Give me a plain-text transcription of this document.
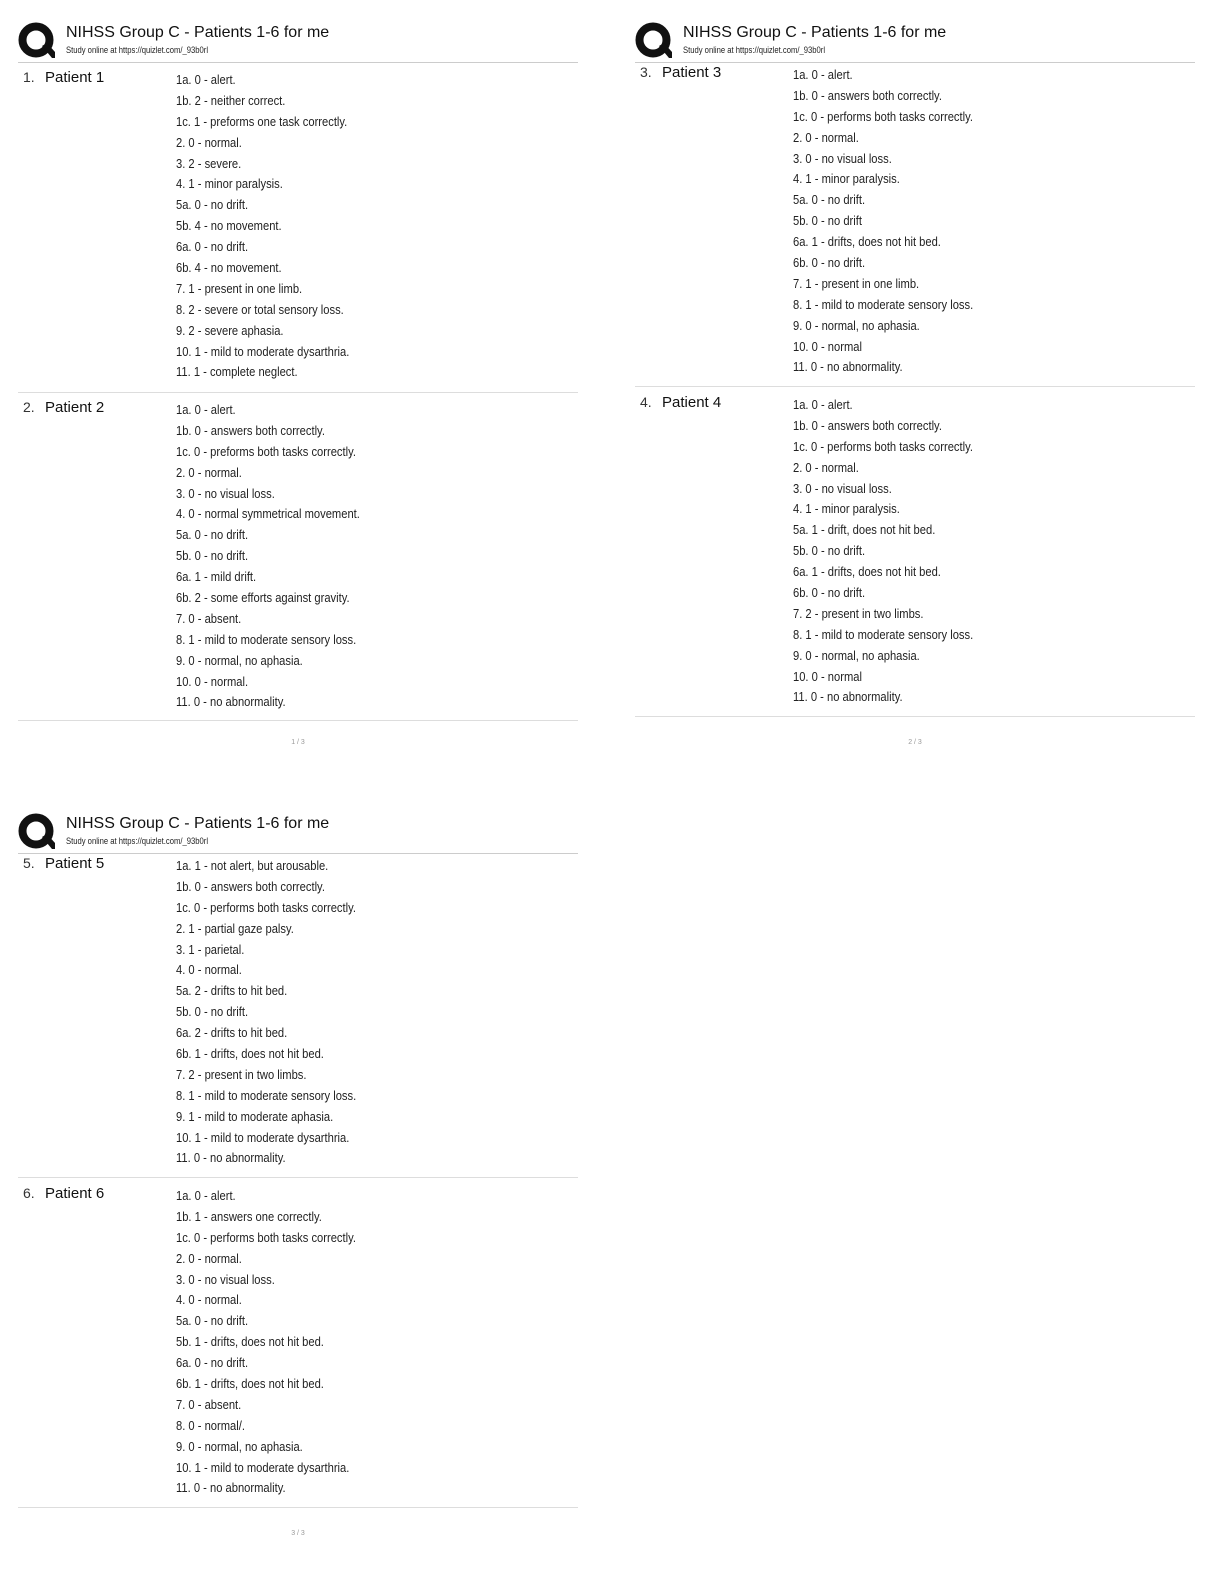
NIHSS Group C - Patients 1-6 for me
Study online at https://quizlet.com/_93b0rl
1. Patient 1	1a. 0 - alert.
1b. 2 - neither correct.
1c. 1 - preforms one task correctly.
2. 0 - normal.
3. 2 - severe.
4. 1 - minor paralysis.
5a. 0 - no drift.
5b. 4 - no movement.
6a. 0 - no drift.
6b. 4 - no movement.
7. 1 - present in one limb.
8. 2 - severe or total sensory loss.
9. 2 - severe aphasia.
10. 1 - mild to moderate dysarthria.
11. 1 - complete neglect.
2. Patient 2	1a. 0 - alert.
1b. 0 - answers both correctly.
1c. 0 - preforms both tasks correctly.
2. 0 - normal.
3. 0 - no visual loss.
4. 0 - normal symmetrical movement.
5a. 0 - no drift.
5b. 0 - no drift.
6a. 1 - mild drift.
6b. 2 - some efforts against gravity.
7. 0 - absent.
8. 1 - mild to moderate sensory loss.
9. 0 - normal, no aphasia.
10. 0 - normal.
11. 0 - no abnormality.
1 / 3
NIHSS Group C - Patients 1-6 for me
Study online at https://quizlet.com/_93b0rl
3. Patient 3	1a. 0 - alert.
1b. 0 - answers both correctly.
1c. 0 - performs both tasks correctly.
2. 0 - normal.
3. 0 - no visual loss.
4. 1 - minor paralysis.
5a. 0 - no drift.
5b. 0 - no drift
6a. 1 - drifts, does not hit bed.
6b. 0 - no drift.
7. 1 - present in one limb.
8. 1 - mild to moderate sensory loss.
9. 0 - normal, no aphasia.
10. 0 - normal
11. 0 - no abnormality.
4. Patient 4	1a. 0 - alert.
1b. 0 - answers both correctly.
1c. 0 - performs both tasks correctly.
2. 0 - normal.
3. 0 - no visual loss.
4. 1 - minor paralysis.
5a. 1 - drift, does not hit bed.
5b. 0 - no drift.
6a. 1 - drifts, does not hit bed.
6b. 0 - no drift.
7. 2 - present in two limbs.
8. 1 - mild to moderate sensory loss.
9. 0 - normal, no aphasia.
10. 0 - normal
11. 0 - no abnormality.
2 / 3
NIHSS Group C - Patients 1-6 for me
Study online at https://quizlet.com/_93b0rl
5. Patient 5	1a. 1 - not alert, but arousable.
1b. 0 - answers both correctly.
1c. 0 - performs both tasks correctly.
2. 1 - partial gaze palsy.
3. 1 - parietal.
4. 0 - normal.
5a. 2 - drifts to hit bed.
5b. 0 - no drift.
6a. 2 - drifts to hit bed.
6b. 1 - drifts, does not hit bed.
7. 2 - present in two limbs.
8. 1 - mild to moderate sensory loss.
9. 1 - mild to moderate aphasia.
10. 1 - mild to moderate dysarthria.
11. 0 - no abnormality.
6. Patient 6	1a. 0 - alert.
1b. 1 - answers one correctly.
1c. 0 - performs both tasks correctly.
2. 0 - normal.
3. 0 - no visual loss.
4. 0 - normal.
5a. 0 - no drift.
5b. 1 - drifts, does not hit bed.
6a. 0 - no drift.
6b. 1 - drifts, does not hit bed.
7. 0 - absent.
8. 0 - normal/.
9. 0 - normal, no aphasia.
10. 1 - mild to moderate dysarthria.
11. 0 - no abnormality.
3 / 3
